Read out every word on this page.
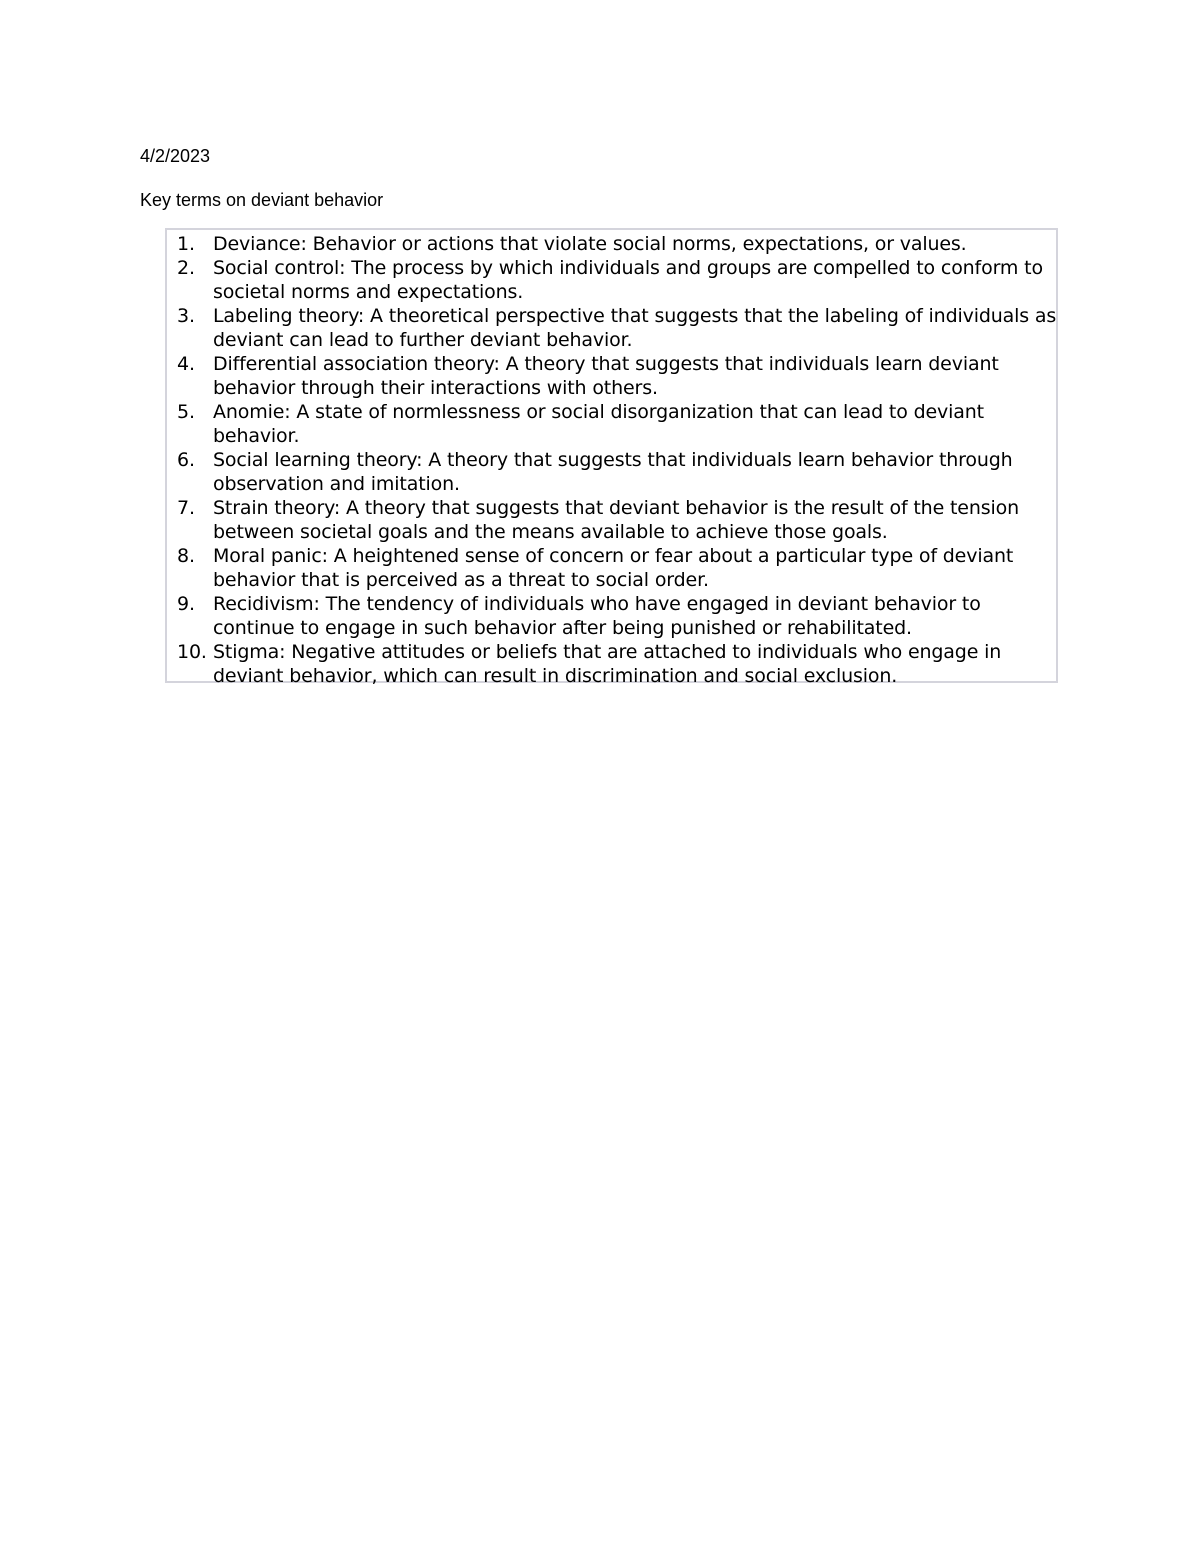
4/2/2023
Key terms on deviant behavior
1. Deviance: Behavior or actions that violate social norms, expectations, or values.
2. Social control: The process by which individuals and groups are compelled to conform to societal norms and expectations.
3. Labeling theory: A theoretical perspective that suggests that the labeling of individuals as deviant can lead to further deviant behavior.
4. Differential association theory: A theory that suggests that individuals learn deviant behavior through their interactions with others.
5. Anomie: A state of normlessness or social disorganization that can lead to deviant behavior.
6. Social learning theory: A theory that suggests that individuals learn behavior through observation and imitation.
7. Strain theory: A theory that suggests that deviant behavior is the result of the tension between societal goals and the means available to achieve those goals.
8. Moral panic: A heightened sense of concern or fear about a particular type of deviant behavior that is perceived as a threat to social order.
9. Recidivism: The tendency of individuals who have engaged in deviant behavior to continue to engage in such behavior after being punished or rehabilitated.
10. Stigma: Negative attitudes or beliefs that are attached to individuals who engage in deviant behavior, which can result in discrimination and social exclusion.
